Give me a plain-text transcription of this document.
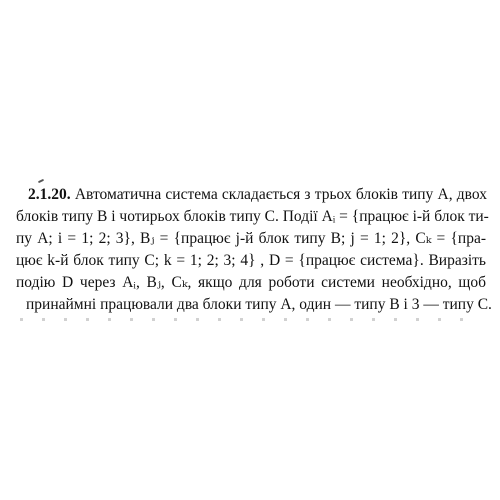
2.1.20. Автоматична система складається з трьох блоків типу А, двох
блоків типу В і чотирьох блоків типу С. Події Aᵢ = {працює i-й блок ти-
пу А; i = 1; 2; 3}, Bⱼ = {працює j-й блок типу В; j = 1; 2}, Cₖ = {пра-
цює k-й блок типу С; k = 1; 2; 3; 4} , D = {працює система}. Виразіть
подію D через Aᵢ, Bⱼ, Cₖ, якщо для роботи системи необхідно, щоб
принаймні працювали два блоки типу А, один — типу В і 3 — типу С.
